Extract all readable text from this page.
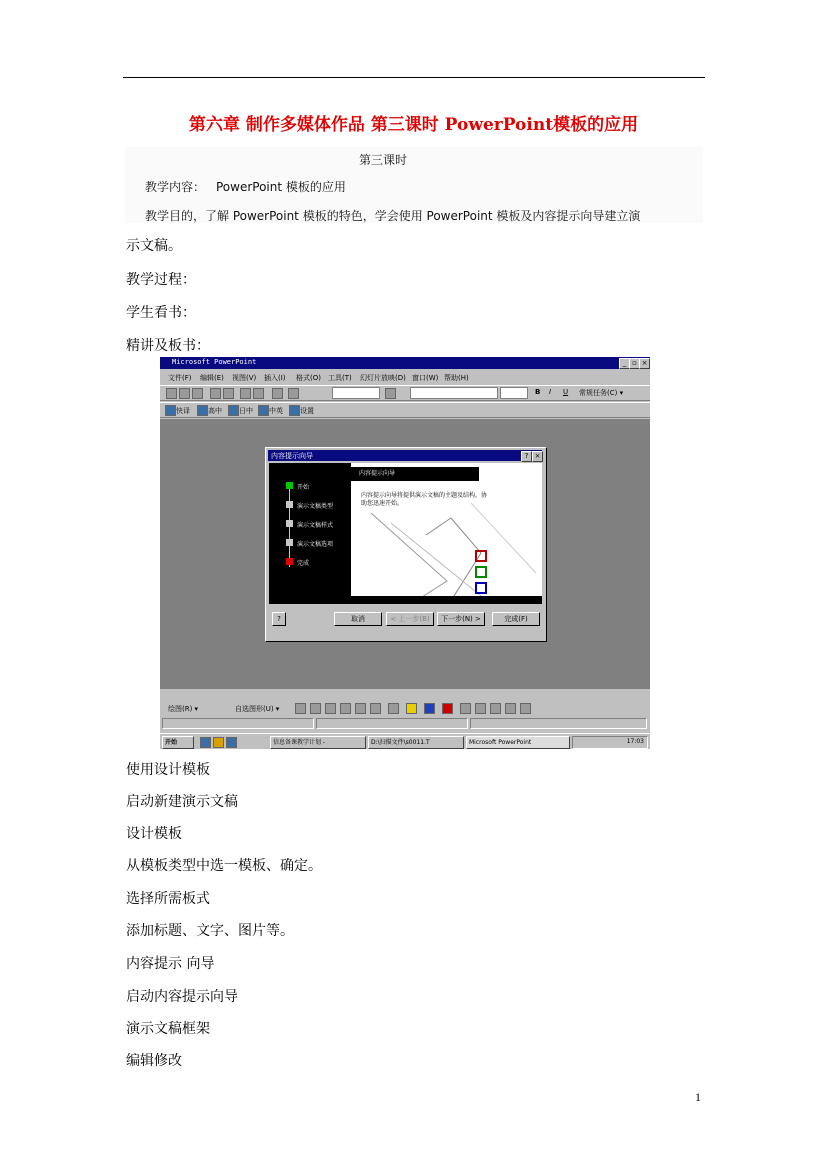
第六章 制作多媒体作品 第三课时 PowerPoint模板的应用
第三课时
教学内容： PowerPoint 模板的应用
教学目的，了解 PowerPoint 模板的特色，学会使用 PowerPoint 模板及内容提示向导建立演
示文稿。
教学过程：
学生看书：
精讲及板书：
Microsoft PowerPoint	_ ▫ ×
文件(F) 编辑(E) 视图(V) 插入(I) 格式(O) 工具(T) 幻灯片放映(D) 窗口(W) 帮助(H)
B I U 常规任务(C) ▾
快译	高中 日中 中英 设置
内容提示向导	? ×
开始
演示文稿类型
演示文稿样式
演示文稿选项
完成
内容提示向导
内容提示向导将提供演示文稿的主题及结构，协助您迅速开始。
?	取消	< 上一步(B)	下一步(N) >	完成(F)
绘图(R) ▾	自选图形(U) ▾
开始	信息备课教学计划 -	D:\扫描文件\s0011.T	Microsoft PowerPoint	17:03
使用设计模板
启动新建演示文稿
设计模板
从模板类型中选一模板、确定。
选择所需板式
添加标题、文字、图片等。
内容提示 向导
启动内容提示向导
演示文稿框架
编辑修改
1
